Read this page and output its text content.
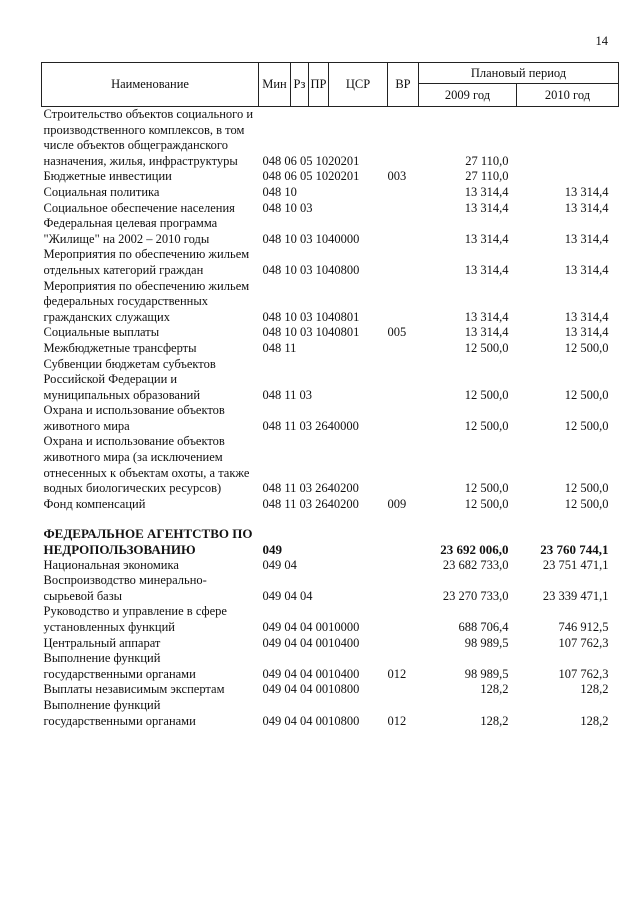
14
Наименование	Мин	Рз	ПР	ЦСР	ВР	Плановый период	
						2009 год	2010 год
Строительство объектов социального и производственного комплексов, в том числе объектов общегражданского назначения, жилья, инфраструктуры	048 06 05 1020201					27 110,0	
Бюджетные инвестиции	048 06 05 1020201				003	27 110,0	
Социальная политика	048 10					13 314,4	13 314,4
Социальное обеспечение населения	048 10 03					13 314,4	13 314,4
Федеральная целевая программа "Жилище" на 2002 – 2010 годы	048 10 03 1040000					13 314,4	13 314,4
Мероприятия по обеспечению жильем отдельных категорий граждан	048 10 03 1040800					13 314,4	13 314,4
Мероприятия по обеспечению жильем федеральных государственных гражданских служащих	048 10 03 1040801					13 314,4	13 314,4
Социальные выплаты	048 10 03 1040801				005	13 314,4	13 314,4
Межбюджетные трансферты	048 11					12 500,0	12 500,0
Субвенции бюджетам субъектов Российской Федерации и муниципальных образований	048 11 03					12 500,0	12 500,0
Охрана и использование объектов животного мира	048 11 03 2640000					12 500,0	12 500,0
Охрана и использование объектов животного мира (за исключением отнесенных к объектам охоты, а также водных биологических ресурсов)	048 11 03 2640200					12 500,0	12 500,0
Фонд компенсаций	048 11 03 2640200				009	12 500,0	12 500,0

ФЕДЕРАЛЬНОЕ АГЕНТСТВО ПО НЕДРОПОЛЬЗОВАНИЮ	049					23 692 006,0	23 760 744,1
Национальная экономика	049 04					23 682 733,0	23 751 471,1
Воспроизводство минерально-сырьевой базы	049 04 04					23 270 733,0	23 339 471,1
Руководство и управление в сфере установленных функций	049 04 04 0010000					688 706,4	746 912,5
Центральный аппарат	049 04 04 0010400					98 989,5	107 762,3
Выполнение функций государственными органами	049 04 04 0010400				012	98 989,5	107 762,3
Выплаты независимым экспертам	049 04 04 0010800					128,2	128,2
Выполнение функций государственными органами	049 04 04 0010800				012	128,2	128,2
